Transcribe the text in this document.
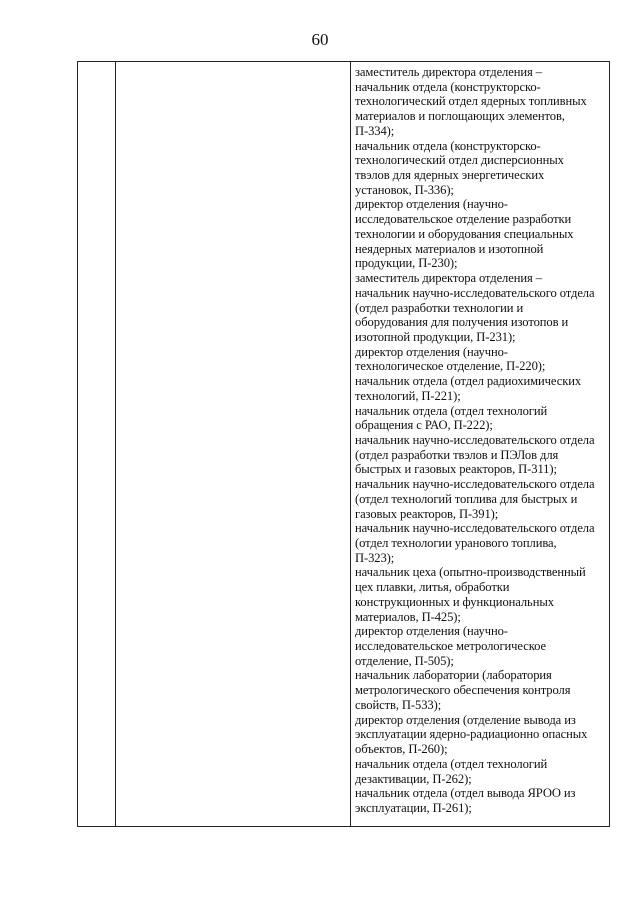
60
заместитель директора отделения –
начальник отдела (конструкторско-
технологический отдел ядерных топливных
материалов и поглощающих элементов,
П-334);
начальник отдела (конструкторско-
технологический отдел дисперсионных
твэлов для ядерных энергетических
установок, П-336);
директор отделения (научно-
исследовательское отделение разработки
технологии и оборудования специальных
неядерных материалов и изотопной
продукции, П-230);
заместитель директора отделения –
начальник научно-исследовательского отдела
(отдел разработки технологии и
оборудования для получения изотопов и
изотопной продукции, П-231);
директор отделения (научно-
технологическое отделение, П-220);
начальник отдела (отдел радиохимических
технологий, П-221);
начальник отдела (отдел технологий
обращения с РАО, П-222);
начальник научно-исследовательского отдела
(отдел разработки твэлов и ПЭЛов для
быстрых и газовых реакторов, П-311);
начальник научно-исследовательского отдела
(отдел технологий топлива для быстрых и
газовых реакторов, П-391);
начальник научно-исследовательского отдела
(отдел технологии уранового топлива,
П-323);
начальник цеха (опытно-производственный
цех плавки, литья, обработки
конструкционных и функциональных
материалов, П-425);
директор отделения (научно-
исследовательское метрологическое
отделение, П-505);
начальник лаборатории (лаборатория
метрологического обеспечения контроля
свойств, П-533);
директор отделения (отделение вывода из
эксплуатации ядерно-радиационно опасных
объектов, П-260);
начальник отдела (отдел технологий
дезактивации, П-262);
начальник отдела (отдел вывода ЯРОО из
эксплуатации, П-261);
